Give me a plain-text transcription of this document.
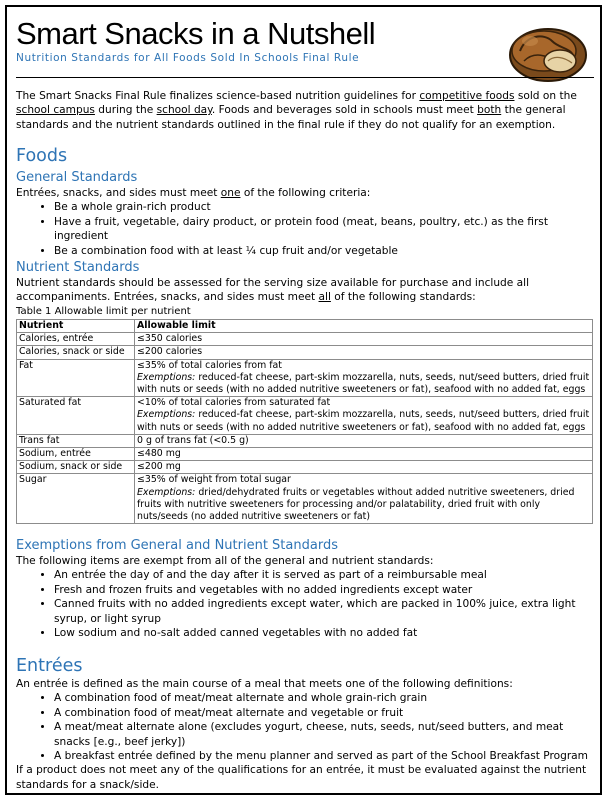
Smart Snacks in a Nutshell
Nutrition Standards for All Foods Sold In Schools Final Rule

The Smart Snacks Final Rule finalizes science-based nutrition guidelines for competitive foods sold on the school campus during the school day. Foods and beverages sold in schools must meet both the general standards and the nutrient standards outlined in the final rule if they do not qualify for an exemption.

Foods
General Standards

Entrées, snacks, and sides must meet one of the following criteria:

• Be a whole grain-rich product
• Have a fruit, vegetable, dairy product, or protein food (meat, beans, poultry, etc.) as the first ingredient
• Be a combination food with at least ¼ cup fruit and/or vegetable
Nutrient Standards

Nutrient standards should be assessed for the serving size available for purchase and include all accompaniments. Entrées, snacks, and sides must meet all of the following standards:

Table 1 Allowable limit per nutrient
Nutrient	Allowable limit
Calories, entrée	≤350 calories
Calories, snack or side	≤200 calories
Fat	≤35% of total calories from fat
Exemptions: reduced-fat cheese, part-skim mozzarella, nuts, seeds, nut/seed butters, dried fruit with nuts or seeds (with no added nutritive sweeteners or fat), seafood with no added fat, eggs
Saturated fat	<10% of total calories from saturated fat
Exemptions: reduced-fat cheese, part-skim mozzarella, nuts, seeds, nut/seed butters, dried fruit with nuts or seeds (with no added nutritive sweeteners or fat), seafood with no added fat, eggs
Trans fat	0 g of trans fat (<0.5 g)
Sodium, entrée	≤480 mg
Sodium, snack or side	≤200 mg
Sugar	≤35% of weight from total sugar
Exemptions: dried/dehydrated fruits or vegetables without added nutritive sweeteners, dried fruits with nutritive sweeteners for processing and/or palatability, dried fruit with only nuts/seeds (no added nutritive sweeteners or fat)
Exemptions from General and Nutrient Standards

The following items are exempt from all of the general and nutrient standards:

• An entrée the day of and the day after it is served as part of a reimbursable meal
• Fresh and frozen fruits and vegetables with no added ingredients except water
• Canned fruits with no added ingredients except water, which are packed in 100% juice, extra light syrup, or light syrup
• Low sodium and no-salt added canned vegetables with no added fat
Entrées

An entrée is defined as the main course of a meal that meets one of the following definitions:

• A combination food of meat/meat alternate and whole grain-rich grain
• A combination food of meat/meat alternate and vegetable or fruit
• A meat/meat alternate alone (excludes yogurt, cheese, nuts, seeds, nut/seed butters, and meat snacks [e.g., beef jerky])
• A breakfast entrée defined by the menu planner and served as part of the School Breakfast Program

If a product does not meet any of the qualifications for an entrée, it must be evaluated against the nutrient standards for a snack/side.
